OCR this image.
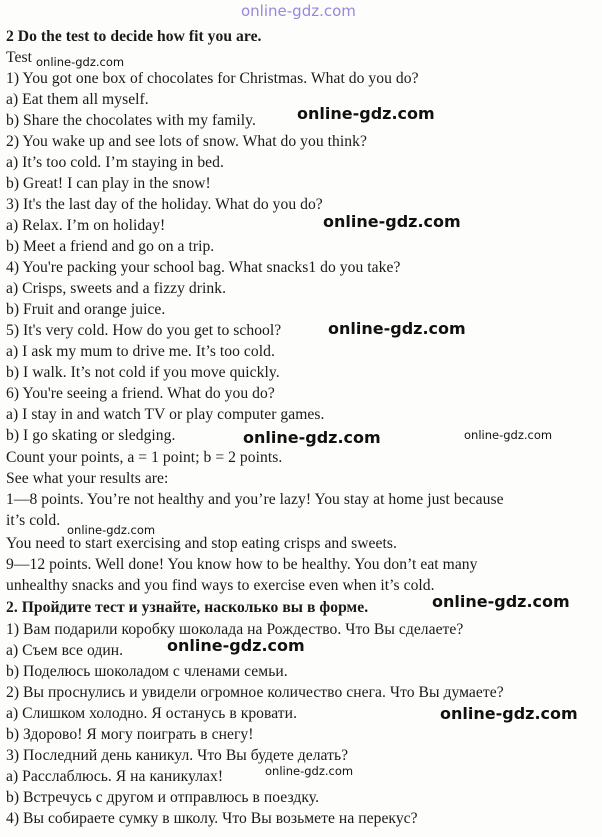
2 Do the test to decide how fit you are.
Test
1) You got one box of chocolates for Christmas. What do you do?
a) Eat them all myself.
b) Share the chocolates with my family.
2) You wake up and see lots of snow. What do you think?
a) It’s too cold. I’m staying in bed.
b) Great! I can play in the snow!
3) It's the last day of the holiday. What do you do?
a) Relax. I’m on holiday!
b) Meet a friend and go on a trip.
4) You're packing your school bag. What snacks1 do you take?
a) Crisps, sweets and a fizzy drink.
b) Fruit and orange juice.
5) It's very cold. How do you get to school?
a) I ask my mum to drive me. It’s too cold.
b) I walk. It’s not cold if you move quickly.
6) You're seeing a friend. What do you do?
a) I stay in and watch TV or play computer games.
b) I go skating or sledging.
Count your points, a = 1 point; b = 2 points.
See what your results are:
1—8 points. You’re not healthy and you’re lazy! You stay at home just because
it’s cold.
You need to start exercising and stop eating crisps and sweets.
9—12 points. Well done! You know how to be healthy. You don’t eat many
unhealthy snacks and you find ways to exercise even when it’s cold.
2. Пройдите тест и узнайте, насколько вы в форме.
1) Вам подарили коробку шоколада на Рождество. Что Вы сделаете?
а) Съем все один.
b) Поделюсь шоколадом с членами семьи.
2) Вы проснулись и увидели огромное количество снега. Что Вы думаете?
а) Слишком холодно. Я останусь в кровати.
b) Здорово! Я могу поиграть в снегу!
3) Последний день каникул. Что Вы будете делать?
а) Расслаблюсь. Я на каникулах!
b) Встречусь с другом и отправлюсь в поездку.
4) Вы собираете сумку в школу. Что Вы возьмете на перекус?
online-gdz.com
online-gdz.com
online-gdz.com
online-gdz.com
online-gdz.com
online-gdz.com	online-gdz.com
online-gdz.com
online-gdz.com
online-gdz.com
online-gdz.com
online-gdz.com
